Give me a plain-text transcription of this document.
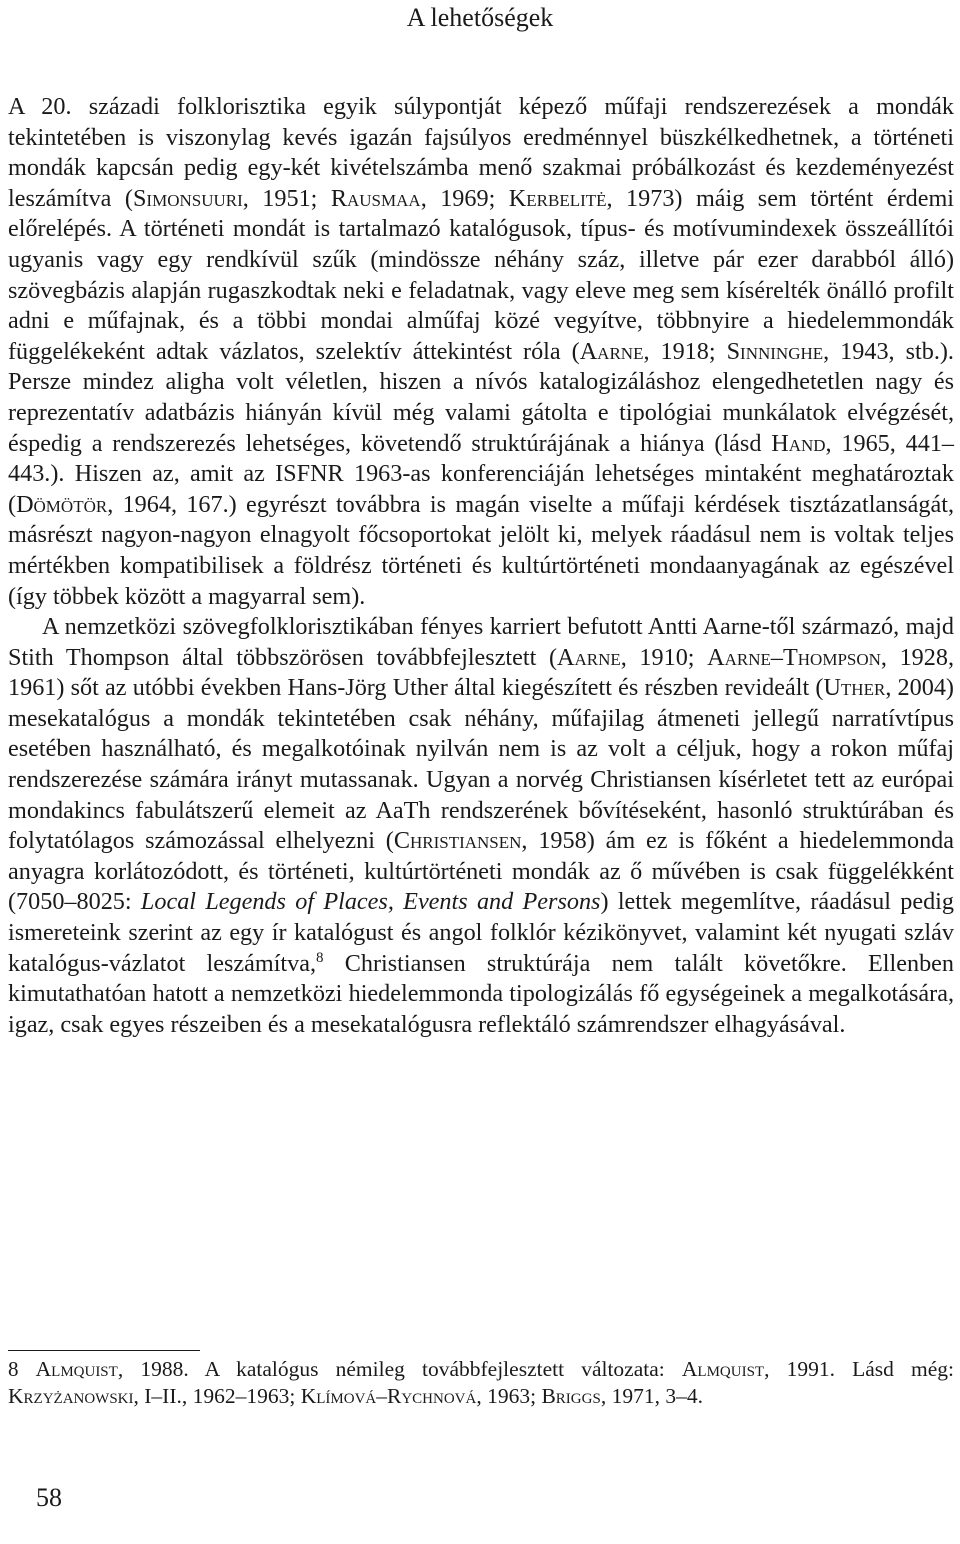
A lehetőségek

A 20. századi folklorisztika egyik súlypontját képező műfaji rendszerezések a mondák tekintetében is viszonylag kevés igazán fajsúlyos eredménnyel büszkélkedhetnek, a történeti mondák kapcsán pedig egy-két kivételszámba menő szakmai próbálkozást és kezdeményezést leszámítva (Simonsuuri, 1951; Rausmaa, 1969; Kerbelitė, 1973) máig sem történt érdemi előrelépés. A történeti mondát is tartalmazó katalógusok, típus- és motívumindexek összeállítói ugyanis vagy egy rendkívül szűk (mindössze néhány száz, illetve pár ezer darabból álló) szövegbázis alapján rugaszkodtak neki e feladatnak, vagy eleve meg sem kísérelték önálló profilt adni e műfajnak, és a többi mondai alműfaj közé vegyítve, többnyire a hiedelemmondák függelékeként adtak vázlatos, szelektív áttekintést róla (Aarne, 1918; Sinninghe, 1943, stb.). Persze mindez aligha volt véletlen, hiszen a nívós katalogizáláshoz elengedhetetlen nagy és reprezentatív adatbázis hiányán kívül még valami gátolta e tipológiai munkálatok elvégzését, éspedig a rendszerezés lehetséges, követendő struktúrájának a hiánya (lásd Hand, 1965, 441–443.). Hiszen az, amit az ISFNR 1963-as konferenciáján lehetséges mintaként meghatároztak (Dömötör, 1964, 167.) egyrészt továbbra is magán viselte a műfaji kérdések tisztázatlanságát, másrészt nagyon-nagyon elnagyolt főcsoportokat jelölt ki, melyek ráadásul nem is voltak teljes mértékben kompatibilisek a földrész történeti és kultúrtörténeti mondaanyagának az egészével (így többek között a magyarral sem).

A nemzetközi szövegfolklorisztikában fényes karriert befutott Antti Aarne-től származó, majd Stith Thompson által többszörösen továbbfejlesztett (Aarne, 1910; Aarne–Thompson, 1928, 1961) sőt az utóbbi években Hans-Jörg Uther által kiegészített és részben revideált (Uther, 2004) mesekatalógus a mondák tekintetében csak néhány, műfajilag átmeneti jellegű narratívtípus esetében használható, és megalkotóinak nyilván nem is az volt a céljuk, hogy a rokon műfaj rendszerezése számára irányt mutassanak. Ugyan a norvég Christiansen kísérletet tett az európai mondakincs fabulátszerű elemeit az AaTh rendszerének bővítéseként, hasonló struktúrában és folytatólagos számozással elhelyezni (Christiansen, 1958) ám ez is főként a hiedelemmonda anyagra korlátozódott, és történeti, kultúrtörténeti mondák az ő művében is csak függelékként (7050–8025: Local Legends of Places, Events and Persons) lettek megemlítve, ráadásul pedig ismereteink szerint az egy ír katalógust és angol folklór kézikönyvet, valamint két nyugati szláv katalógus-vázlatot leszámítva,$^8$ Christiansen struktúrája nem talált követőkre. Ellenben kimutathatóan hatott a nemzetközi hiedelemmonda tipologizálás fő egységeinek a megalkotására, igaz, csak egyes részeiben és a mesekatalógusra reflektáló számrendszer elhagyásával.

8 Almquist, 1988. A katalógus némileg továbbfejlesztett változata: Almquist, 1991. Lásd még: Krzyżanowski, I–II., 1962–1963; Klímová–Rychnová, 1963; Briggs, 1971, 3–4.
58
